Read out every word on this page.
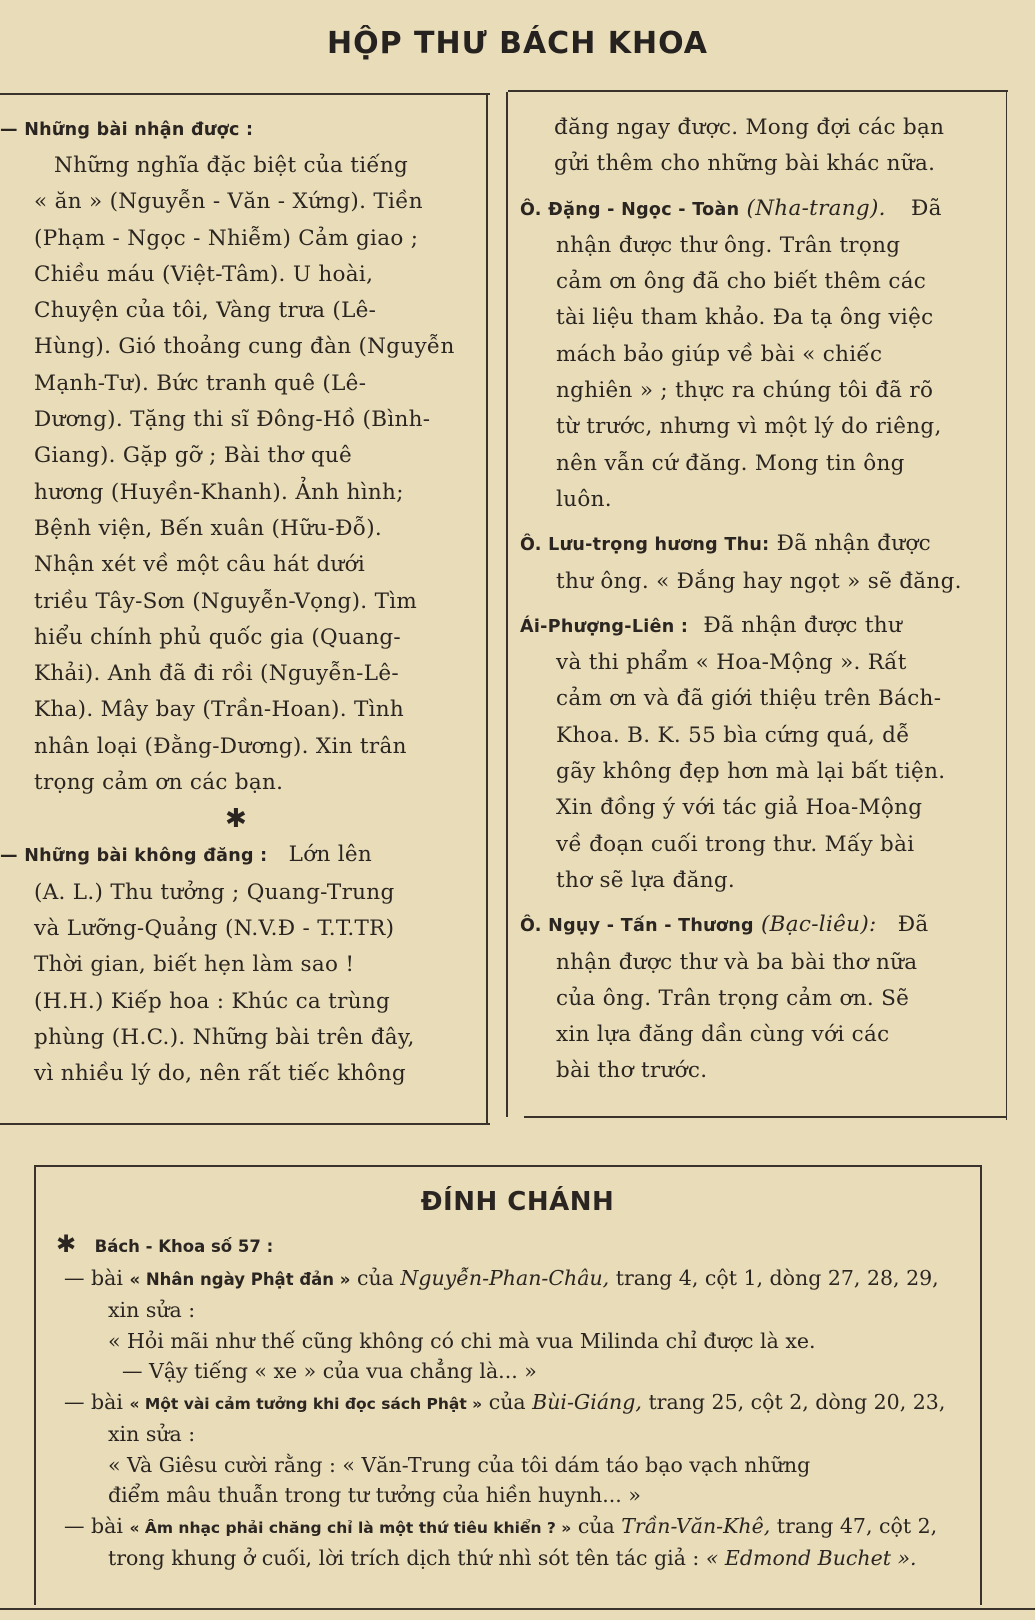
HỘP THƯ BÁCH KHOA

— Những bài nhận được :

Những nghĩa đặc biệt của tiếng

« ăn » (Nguyễn - Văn - Xứng). Tiền

(Phạm - Ngọc - Nhiễm) Cảm giao ;

Chiều máu (Việt-Tâm). U hoài,

Chuyện của tôi, Vàng trưa (Lê-

Hùng). Gió thoảng cung đàn (Nguyễn

Mạnh-Tư). Bức tranh quê (Lê-

Dương). Tặng thi sĩ Đông-Hồ (Bình-

Giang). Gặp gỡ ; Bài thơ quê

hương (Huyền-Khanh). Ảnh hình;

Bệnh viện, Bến xuân (Hữu-Đỗ).

Nhận xét về một câu hát dưới

triều Tây-Sơn (Nguyễn-Vọng). Tìm

hiểu chính phủ quốc gia (Quang-

Khải). Anh đã đi rồi (Nguyễn-Lê-

Kha). Mây bay (Trần-Hoan). Tình

nhân loại (Đằng-Dương). Xin trân

trọng cảm ơn các bạn.

✱

— Những bài không đăng : Lớn lên

(A. L.) Thu tưởng ; Quang-Trung

và Lưỡng-Quảng (N.V.Đ - T.T.TR)

Thời gian, biết hẹn làm sao !

(H.H.) Kiếp hoa : Khúc ca trùng

phùng (H.C.). Những bài trên đây,

vì nhiều lý do, nên rất tiếc không

đăng ngay được. Mong đợi các bạn

gửi thêm cho những bài khác nữa.

Ô. Đặng - Ngọc - Toàn (Nha-trang). Đã

nhận được thư ông. Trân trọng

cảm ơn ông đã cho biết thêm các

tài liệu tham khảo. Đa tạ ông việc

mách bảo giúp về bài « chiếc

nghiên » ; thực ra chúng tôi đã rõ

từ trước, nhưng vì một lý do riêng,

nên vẫn cứ đăng. Mong tin ông

luôn.

Ô. Lưu-trọng hương Thu: Đã nhận được

thư ông. « Đắng hay ngọt » sẽ đăng.

Ái-Phượng-Liên : Đã nhận được thư

và thi phẩm « Hoa-Mộng ». Rất

cảm ơn và đã giới thiệu trên Bách-

Khoa. B. K. 55 bìa cứng quá, dễ

gãy không đẹp hơn mà lại bất tiện.

Xin đồng ý với tác giả Hoa-Mộng

về đoạn cuối trong thư. Mấy bài

thơ sẽ lựa đăng.

Ô. Ngụy - Tấn - Thương (Bạc-liêu): Đã

nhận được thư và ba bài thơ nữa

của ông. Trân trọng cảm ơn. Sẽ

xin lựa đăng dần cùng với các

bài thơ trước.

ĐÍNH CHÁNH

✱ Bách - Khoa số 57 :

— bài « Nhân ngày Phật đản » của Nguyễn-Phan-Châu, trang 4, cột 1, dòng 27, 28, 29, xin sửa :

« Hỏi mãi như thế cũng không có chi mà vua Milinda chỉ được là xe.

— Vậy tiếng « xe » của vua chẳng là... »

— bài « Một vài cảm tưởng khi đọc sách Phật » của Bùi-Giáng, trang 25, cột 2, dòng 20, 23, xin sửa :

« Và Giêsu cười rằng : « Văn-Trung của tôi dám táo bạo vạch những

điểm mâu thuẫn trong tư tưởng của hiền huynh... »

— bài « Âm nhạc phải chăng chỉ là một thứ tiêu khiển ? » của Trần-Văn-Khê, trang 47, cột 2, trong khung ở cuối, lời trích dịch thứ nhì sót tên tác giả : « Edmond Buchet ».
